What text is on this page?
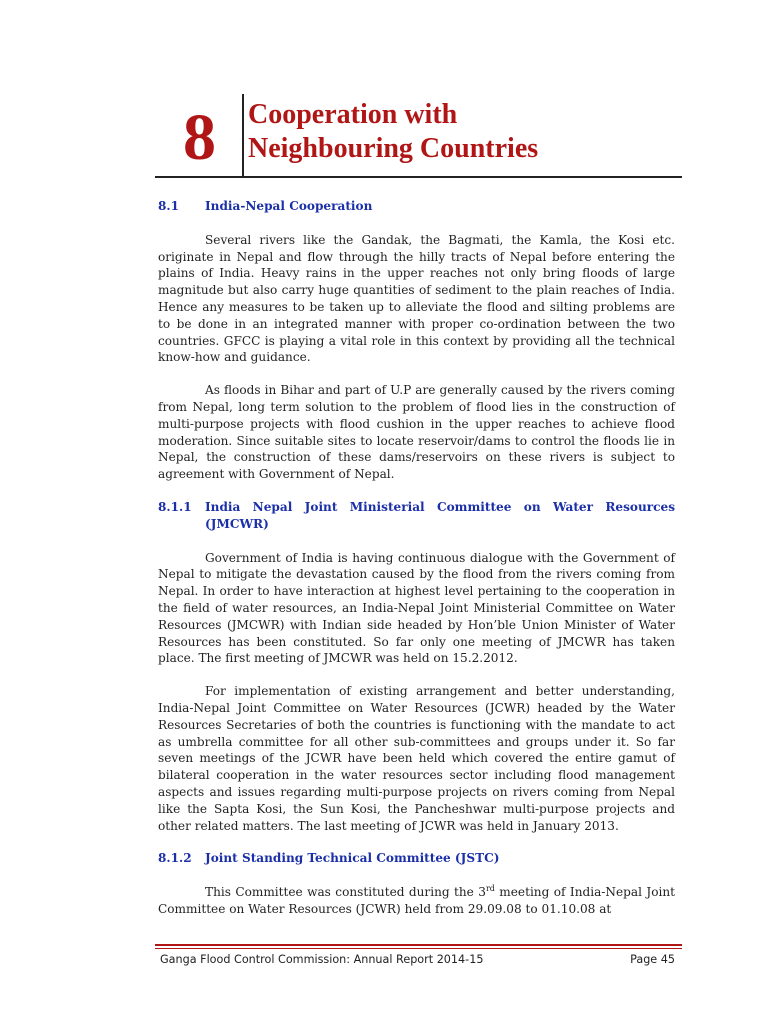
8 Cooperation with
Neighbouring Countries
8.1	India-Nepal Cooperation

Several rivers like the Gandak, the Bagmati, the Kamla, the Kosi etc. originate in Nepal and flow through the hilly tracts of Nepal before entering the plains of India. Heavy rains in the upper reaches not only bring floods of large magnitude but also carry huge quantities of sediment to the plain reaches of India. Hence any measures to be taken up to alleviate the flood and silting problems are to be done in an integrated manner with proper co-ordination between the two countries. GFCC is playing a vital role in this context by providing all the technical know-how and guidance.

As floods in Bihar and part of U.P are generally caused by the rivers coming from Nepal, long term solution to the problem of flood lies in the construction of multi-purpose projects with flood cushion in the upper reaches to achieve flood moderation. Since suitable sites to locate reservoir/dams to control the floods lie in Nepal, the construction of these dams/reservoirs on these rivers is subject to agreement with Government of Nepal.

8.1.1	India Nepal Joint Ministerial Committee on Water Resources (JMCWR)

Government of India is having continuous dialogue with the Government of Nepal to mitigate the devastation caused by the flood from the rivers coming from Nepal. In order to have interaction at highest level pertaining to the cooperation in the field of water resources, an India-Nepal Joint Ministerial Committee on Water Resources (JMCWR) with Indian side headed by Hon’ble Union Minister of Water Resources has been constituted. So far only one meeting of JMCWR has taken place. The first meeting of JMCWR was held on 15.2.2012.

For implementation of existing arrangement and better understanding, India-Nepal Joint Committee on Water Resources (JCWR) headed by the Water Resources Secretaries of both the countries is functioning with the mandate to act as umbrella committee for all other sub-committees and groups under it. So far seven meetings of the JCWR have been held which covered the entire gamut of bilateral cooperation in the water resources sector including flood management aspects and issues regarding multi-purpose projects on rivers coming from Nepal like the Sapta Kosi, the Sun Kosi, the Pancheshwar multi-purpose projects and other related matters. The last meeting of JCWR was held in January 2013.

8.1.2	Joint Standing Technical Committee (JSTC)

This Committee was constituted during the 3rd meeting of India-Nepal Joint Committee on Water Resources (JCWR) held from 29.09.08 to 01.10.08 at

Ganga Flood Control Commission: Annual Report 2014-15	Page 45
